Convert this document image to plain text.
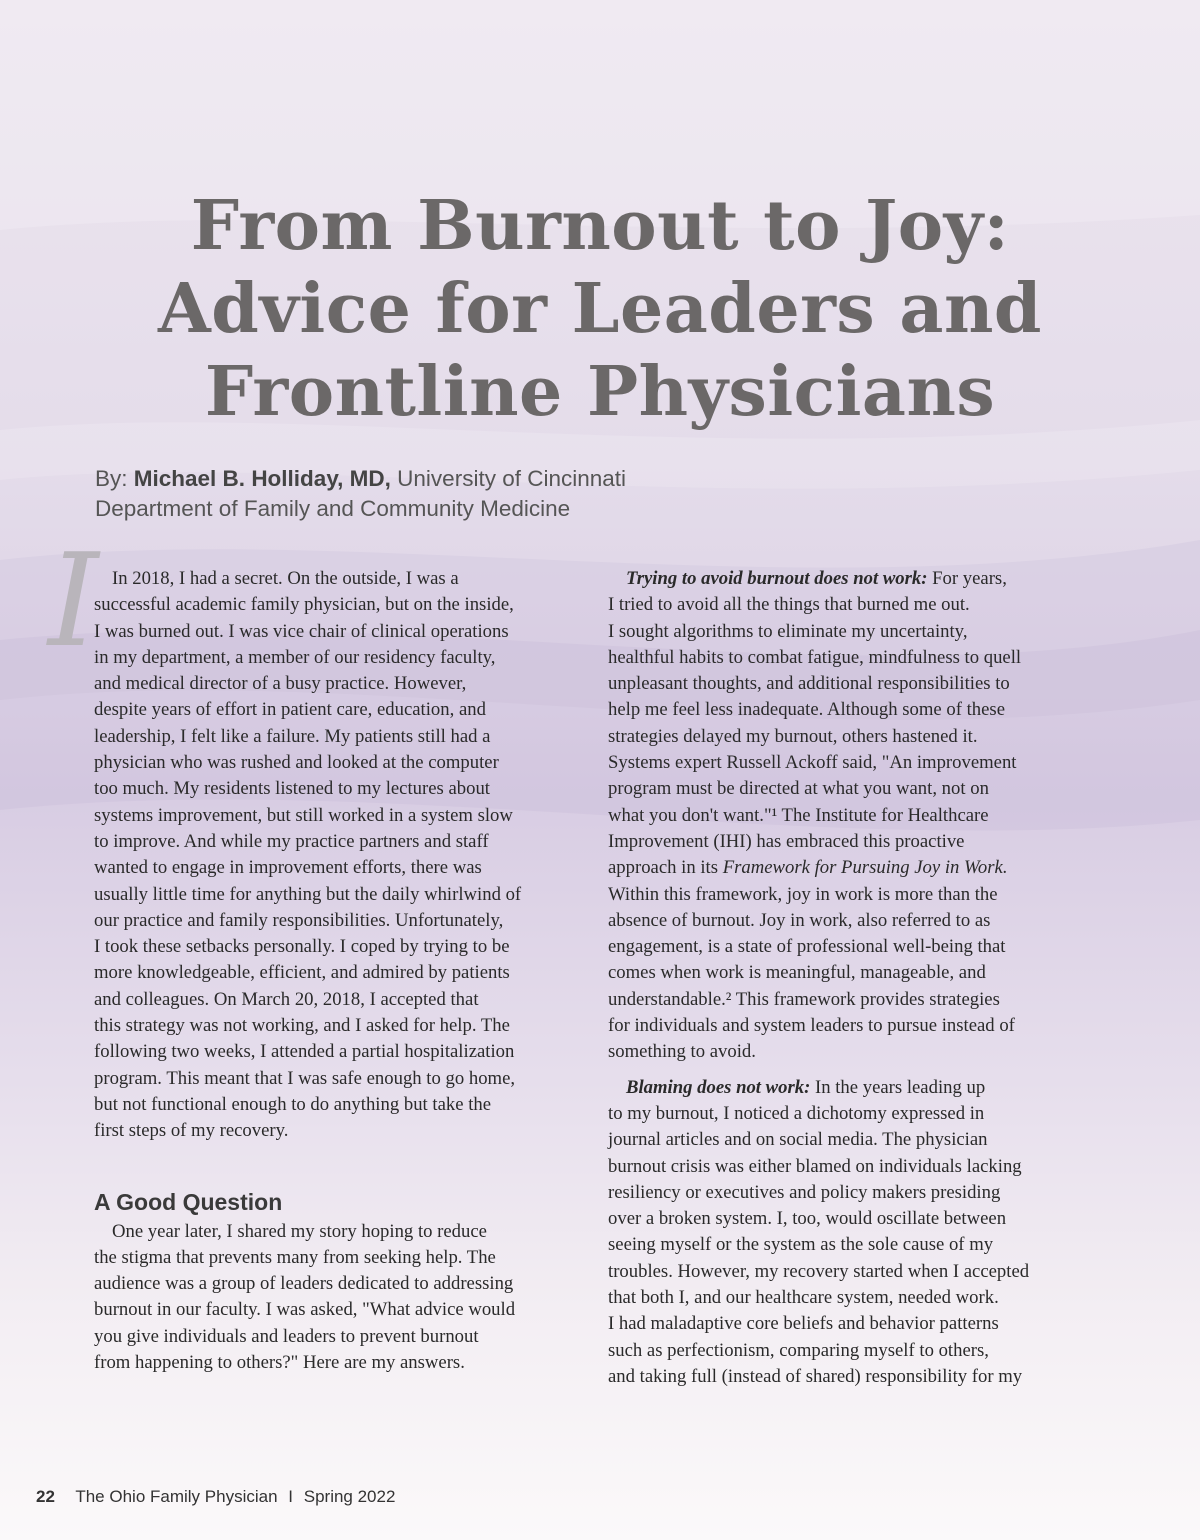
From Burnout to Joy:
Advice for Leaders and
Frontline Physicians
By: Michael B. Holliday, MD, University of Cincinnati
Department of Family and Community Medicine
I In 2018, I had a secret. On the outside, I was a
successful academic family physician, but on the inside,
I was burned out. I was vice chair of clinical operations
in my department, a member of our residency faculty,
and medical director of a busy practice. However,
despite years of effort in patient care, education, and
leadership, I felt like a failure. My patients still had a
physician who was rushed and looked at the computer
too much. My residents listened to my lectures about
systems improvement, but still worked in a system slow
to improve. And while my practice partners and staff
wanted to engage in improvement efforts, there was
usually little time for anything but the daily whirlwind of
our practice and family responsibilities. Unfortunately,
I took these setbacks personally. I coped by trying to be
more knowledgeable, efficient, and admired by patients
and colleagues. On March 20, 2018, I accepted that
this strategy was not working, and I asked for help. The
following two weeks, I attended a partial hospitalization
program. This meant that I was safe enough to go home,
but not functional enough to do anything but take the
first steps of my recovery.

A Good Question

One year later, I shared my story hoping to reduce
the stigma that prevents many from seeking help. The
audience was a group of leaders dedicated to addressing
burnout in our faculty. I was asked, "What advice would
you give individuals and leaders to prevent burnout
from happening to others?" Here are my answers.

Trying to avoid burnout does not work: For years,
I tried to avoid all the things that burned me out.
I sought algorithms to eliminate my uncertainty,
healthful habits to combat fatigue, mindfulness to quell
unpleasant thoughts, and additional responsibilities to
help me feel less inadequate. Although some of these
strategies delayed my burnout, others hastened it.
Systems expert Russell Ackoff said, "An improvement
program must be directed at what you want, not on
what you don't want."¹ The Institute for Healthcare
Improvement (IHI) has embraced this proactive
approach in its Framework for Pursuing Joy in Work.
Within this framework, joy in work is more than the
absence of burnout. Joy in work, also referred to as
engagement, is a state of professional well-being that
comes when work is meaningful, manageable, and
understandable.² This framework provides strategies
for individuals and system leaders to pursue instead of
something to avoid.

Blaming does not work: In the years leading up
to my burnout, I noticed a dichotomy expressed in
journal articles and on social media. The physician
burnout crisis was either blamed on individuals lacking
resiliency or executives and policy makers presiding
over a broken system. I, too, would oscillate between
seeing myself or the system as the sole cause of my
troubles. However, my recovery started when I accepted
that both I, and our healthcare system, needed work.
I had maladaptive core beliefs and behavior patterns
such as perfectionism, comparing myself to others,
and taking full (instead of shared) responsibility for my

22 The Ohio Family Physician I Spring 2022
